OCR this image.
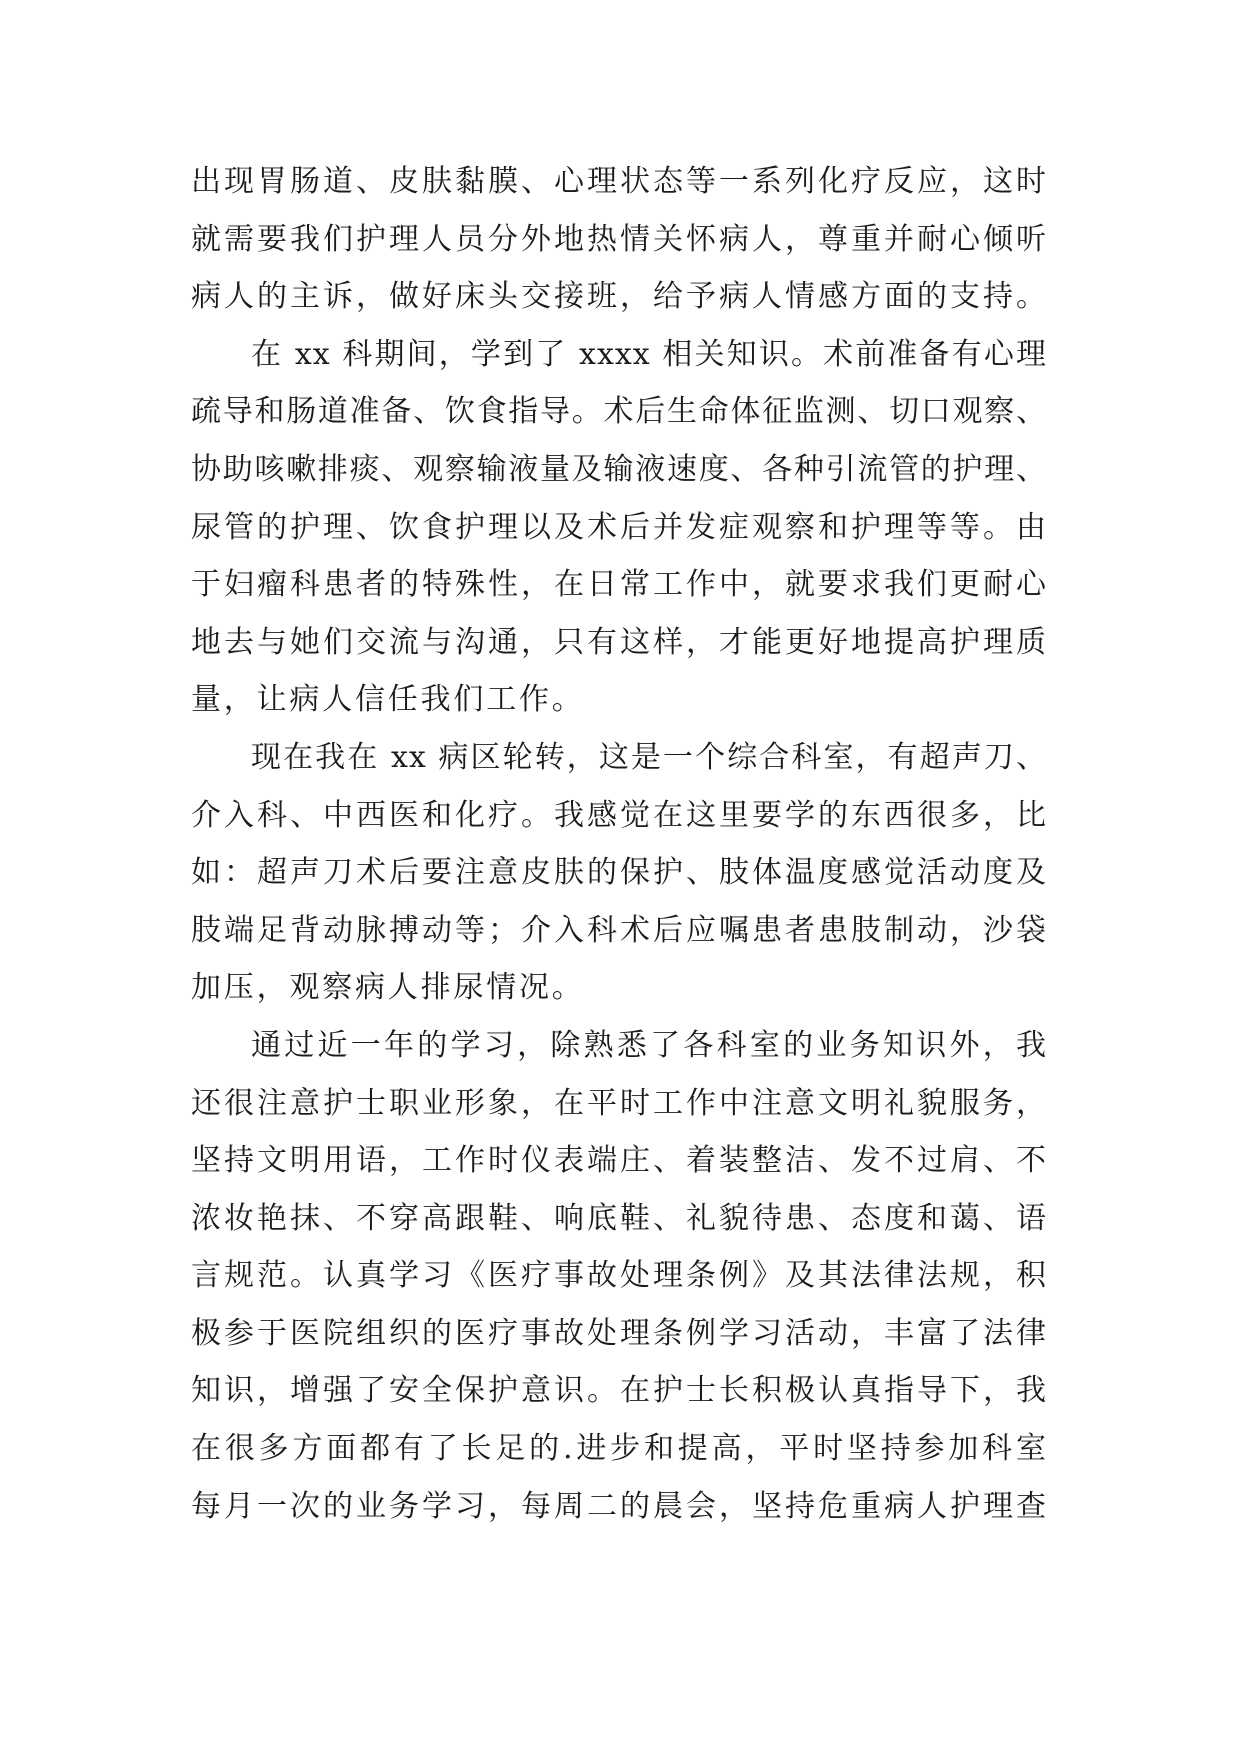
出现胃肠道、皮肤黏膜、心理状态等一系列化疗反应，这时
就需要我们护理人员分外地热情关怀病人，尊重并耐心倾听
病人的主诉，做好床头交接班，给予病人情感方面的支持。
在 xx 科期间，学到了 xxxx 相关知识。术前准备有心理
疏导和肠道准备、饮食指导。术后生命体征监测、切口观察、
协助咳嗽排痰、观察输液量及输液速度、各种引流管的护理、
尿管的护理、饮食护理以及术后并发症观察和护理等等。由
于妇瘤科患者的特殊性，在日常工作中，就要求我们更耐心
地去与她们交流与沟通，只有这样，才能更好地提高护理质
量，让病人信任我们工作。
现在我在 xx 病区轮转，这是一个综合科室，有超声刀、
介入科、中西医和化疗。我感觉在这里要学的东西很多，比
如：超声刀术后要注意皮肤的保护、肢体温度感觉活动度及
肢端足背动脉搏动等；介入科术后应嘱患者患肢制动，沙袋
加压，观察病人排尿情况。
通过近一年的学习，除熟悉了各科室的业务知识外，我
还很注意护士职业形象，在平时工作中注意文明礼貌服务，
坚持文明用语，工作时仪表端庄、着装整洁、发不过肩、不
浓妆艳抹、不穿高跟鞋、响底鞋、礼貌待患、态度和蔼、语
言规范。认真学习《医疗事故处理条例》及其法律法规，积
极参于医院组织的医疗事故处理条例学习活动，丰富了法律
知识，增强了安全保护意识。在护士长积极认真指导下，我
在很多方面都有了长足的.进步和提高，平时坚持参加科室
每月一次的业务学习，每周二的晨会，坚持危重病人护理查
